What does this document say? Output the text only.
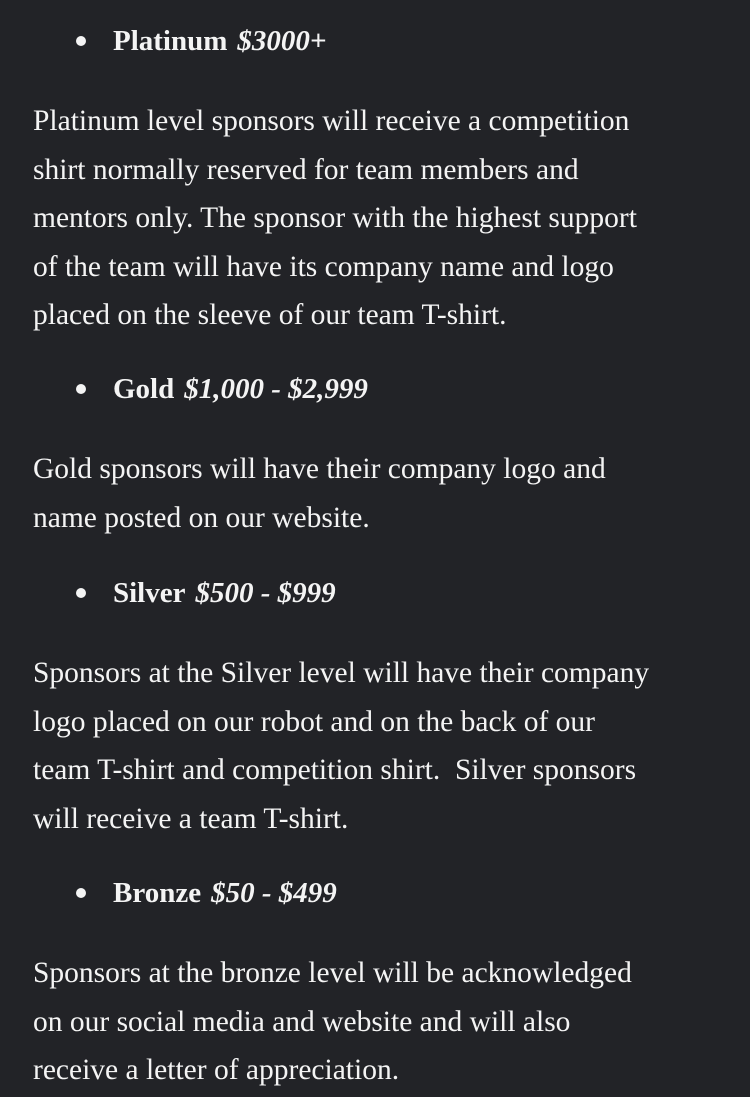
Platinum $3000+
Platinum level sponsors will receive a competition
shirt normally reserved for team members and
mentors only. The sponsor with the highest support
of the team will have its company name and logo
placed on the sleeve of our team T-shirt.
Gold $1,000 - $2,999
Gold sponsors will have their company logo and
name posted on our website.
Silver $500 - $999
Sponsors at the Silver level will have their company
logo placed on our robot and on the back of our
team T-shirt and competition shirt.  Silver sponsors
will receive a team T-shirt.
Bronze $50 - $499
Sponsors at the bronze level will be acknowledged
on our social media and website and will also
receive a letter of appreciation.
